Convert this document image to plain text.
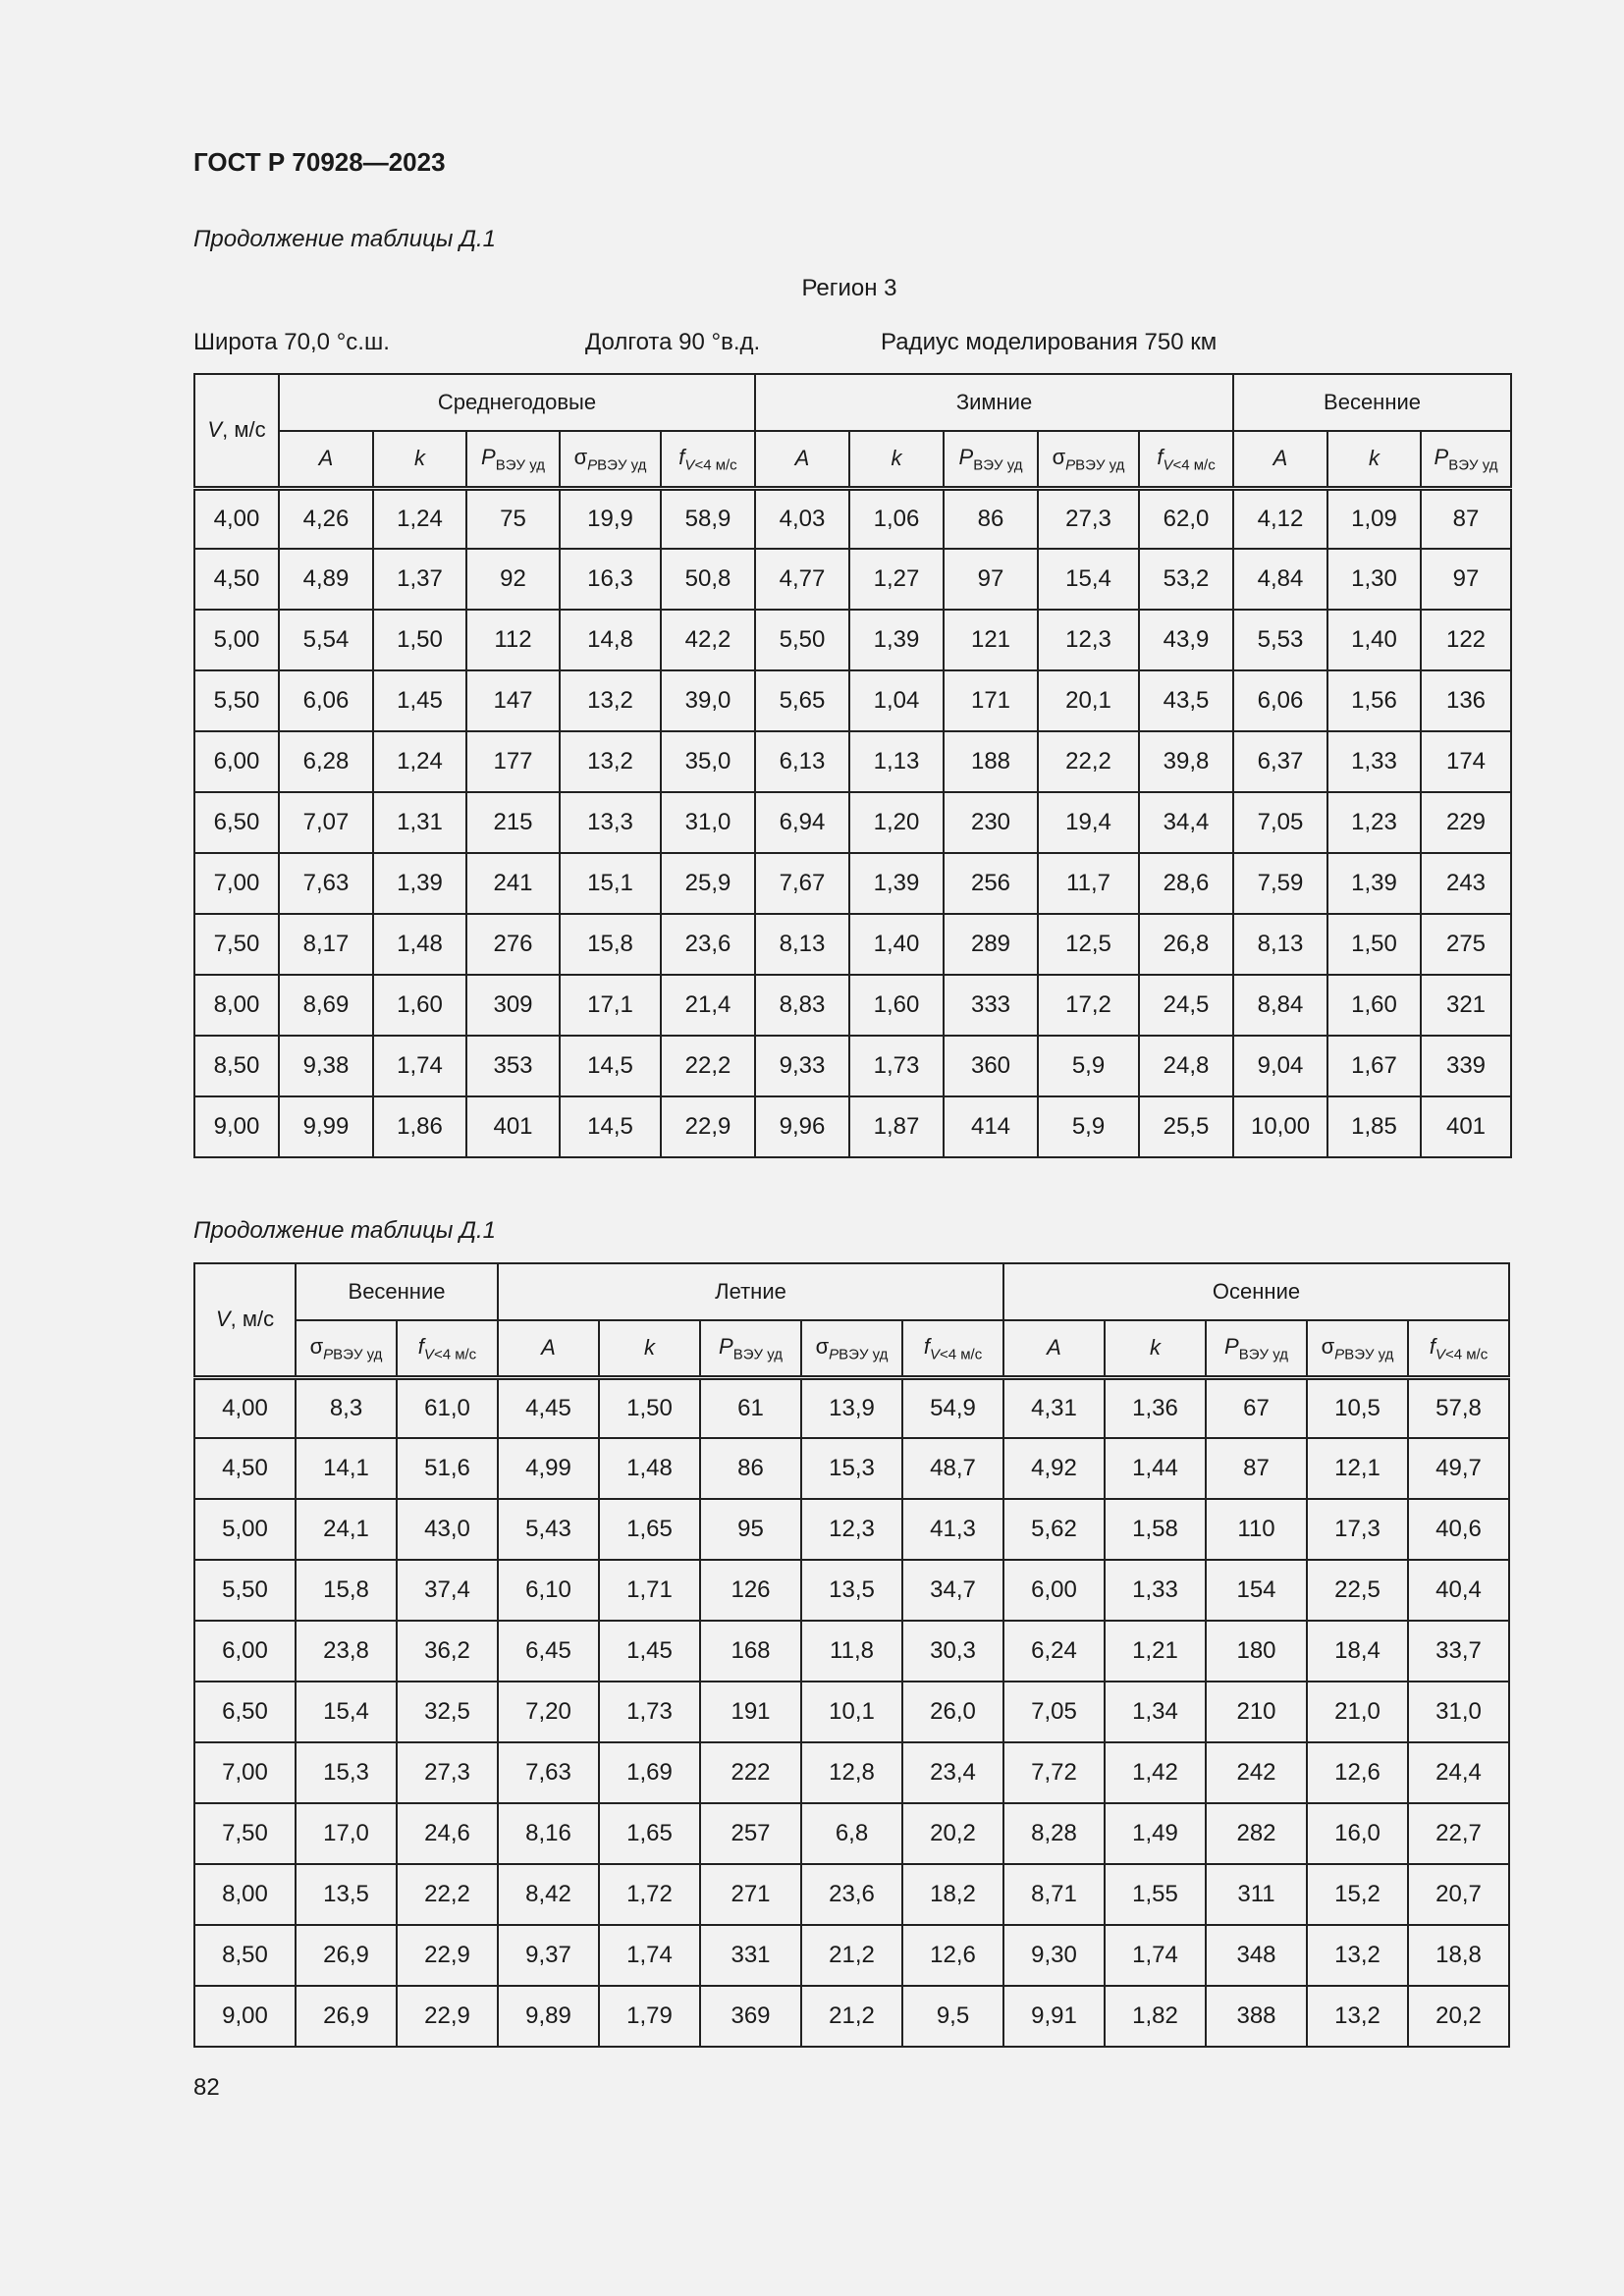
ГОСТ Р 70928—2023
Продолжение таблицы Д.1
Регион 3
Широта 70,0 °с.ш.	Долгота 90 °в.д.	Радиус моделирования 750 км
V, м/с	Среднегодовые					Зимние					Весенние		
	A	k	$P_{ВЭУ уд}$	$\sigma_{PВЭУ уд}$	$f_{V<4 м/с}$	A	k	$P_{ВЭУ уд}$	$\sigma_{PВЭУ уд}$	$f_{V<4 м/с}$	A	k	$P_{ВЭУ уд}$
4,00	4,26	1,24	75	19,9	58,9	4,03	1,06	86	27,3	62,0	4,12	1,09	87
4,50	4,89	1,37	92	16,3	50,8	4,77	1,27	97	15,4	53,2	4,84	1,30	97
5,00	5,54	1,50	112	14,8	42,2	5,50	1,39	121	12,3	43,9	5,53	1,40	122
5,50	6,06	1,45	147	13,2	39,0	5,65	1,04	171	20,1	43,5	6,06	1,56	136
6,00	6,28	1,24	177	13,2	35,0	6,13	1,13	188	22,2	39,8	6,37	1,33	174
6,50	7,07	1,31	215	13,3	31,0	6,94	1,20	230	19,4	34,4	7,05	1,23	229
7,00	7,63	1,39	241	15,1	25,9	7,67	1,39	256	11,7	28,6	7,59	1,39	243
7,50	8,17	1,48	276	15,8	23,6	8,13	1,40	289	12,5	26,8	8,13	1,50	275
8,00	8,69	1,60	309	17,1	21,4	8,83	1,60	333	17,2	24,5	8,84	1,60	321
8,50	9,38	1,74	353	14,5	22,2	9,33	1,73	360	5,9	24,8	9,04	1,67	339
9,00	9,99	1,86	401	14,5	22,9	9,96	1,87	414	5,9	25,5	10,00	1,85	401
Продолжение таблицы Д.1
V, м/с	Весенние		Летние					Осенние				
	$\sigma_{PВЭУ уд}$	$f_{V<4 м/с}$	A	k	$P_{ВЭУ уд}$	$\sigma_{PВЭУ уд}$	$f_{V<4 м/с}$	A	k	$P_{ВЭУ уд}$	$\sigma_{PВЭУ уд}$	$f_{V<4 м/с}$
4,00	8,3	61,0	4,45	1,50	61	13,9	54,9	4,31	1,36	67	10,5	57,8
4,50	14,1	51,6	4,99	1,48	86	15,3	48,7	4,92	1,44	87	12,1	49,7
5,00	24,1	43,0	5,43	1,65	95	12,3	41,3	5,62	1,58	110	17,3	40,6
5,50	15,8	37,4	6,10	1,71	126	13,5	34,7	6,00	1,33	154	22,5	40,4
6,00	23,8	36,2	6,45	1,45	168	11,8	30,3	6,24	1,21	180	18,4	33,7
6,50	15,4	32,5	7,20	1,73	191	10,1	26,0	7,05	1,34	210	21,0	31,0
7,00	15,3	27,3	7,63	1,69	222	12,8	23,4	7,72	1,42	242	12,6	24,4
7,50	17,0	24,6	8,16	1,65	257	6,8	20,2	8,28	1,49	282	16,0	22,7
8,00	13,5	22,2	8,42	1,72	271	23,6	18,2	8,71	1,55	311	15,2	20,7
8,50	26,9	22,9	9,37	1,74	331	21,2	12,6	9,30	1,74	348	13,2	18,8
9,00	26,9	22,9	9,89	1,79	369	21,2	9,5	9,91	1,82	388	13,2	20,2
82
